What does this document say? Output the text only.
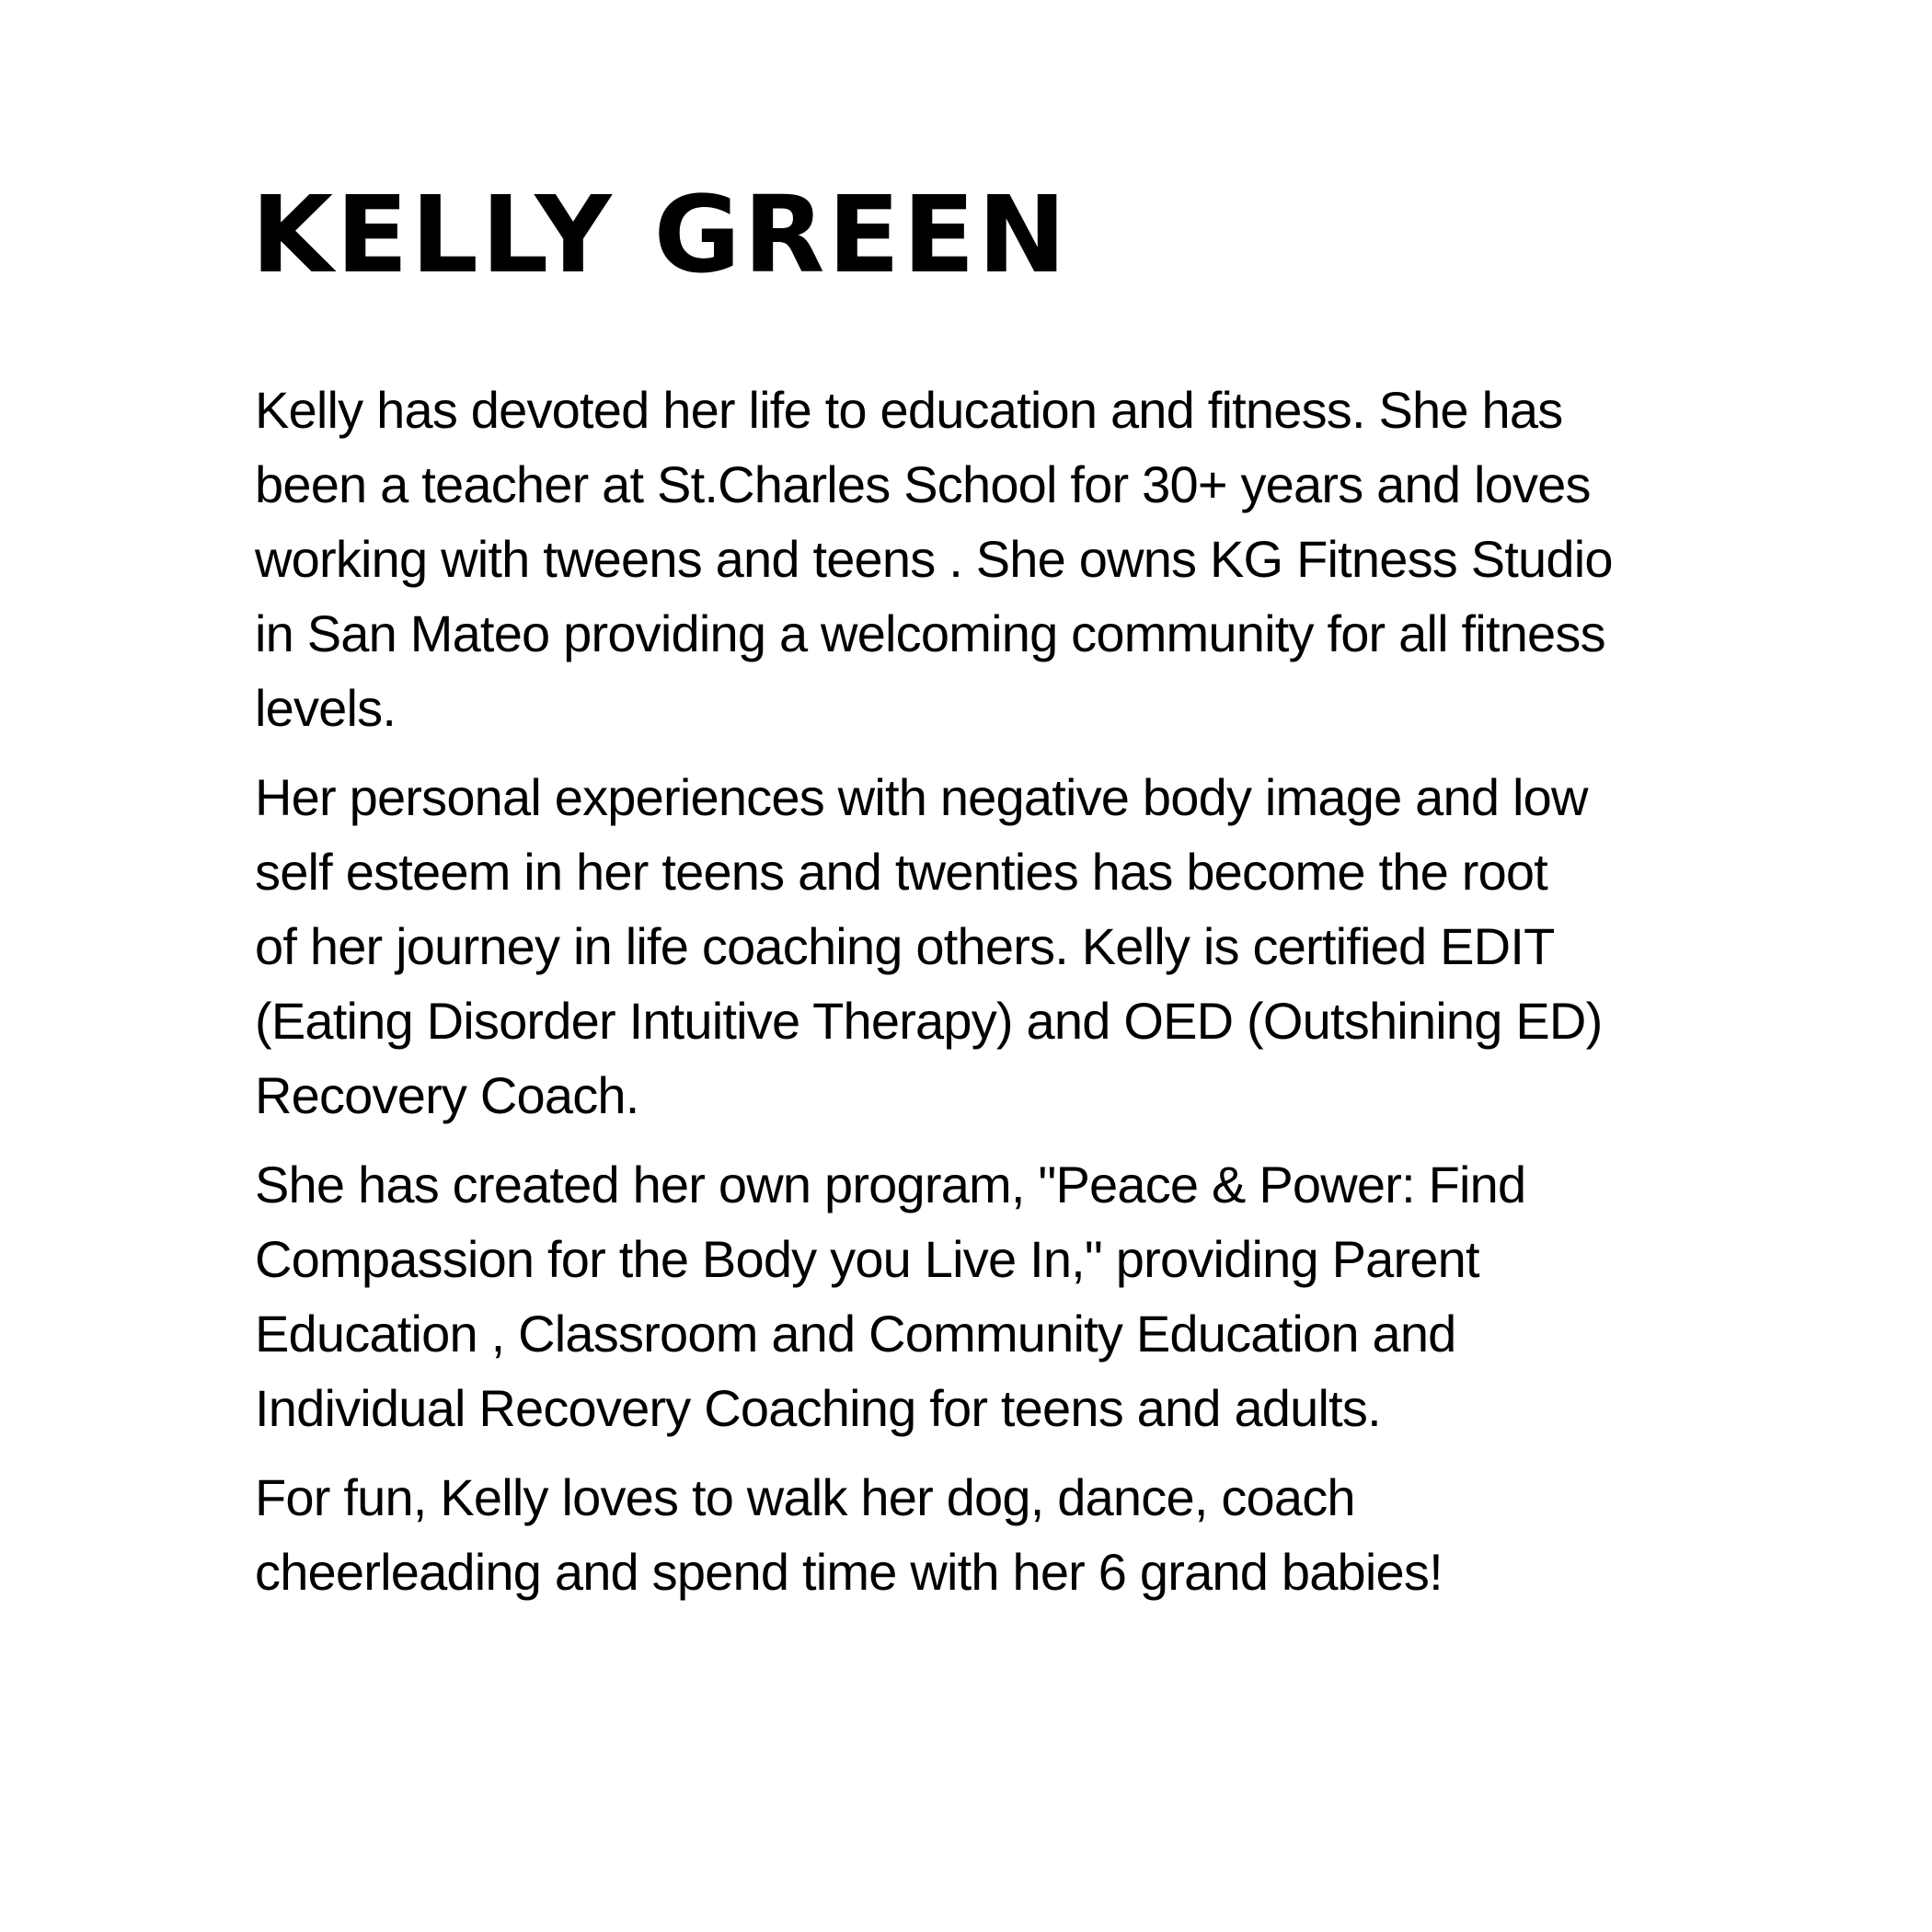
KELLY GREEN

Kelly has devoted her life to education and fitness. She has
been a teacher at St.Charles School for 30+ years and loves
working with tweens and teens . She owns KG Fitness Studio
in San Mateo providing a welcoming community for all fitness
levels.

Her personal experiences with negative body image and low
self esteem in her teens and twenties has become the root
of her journey in life coaching others. Kelly is certified EDIT
(Eating Disorder Intuitive Therapy) and OED (Outshining ED)
Recovery Coach.

She has created her own program, "Peace & Power: Find
Compassion for the Body you Live In," providing Parent
Education , Classroom and Community Education and
Individual Recovery Coaching for teens and adults.

For fun, Kelly loves to walk her dog, dance, coach
cheerleading and spend time with her 6 grand babies!
